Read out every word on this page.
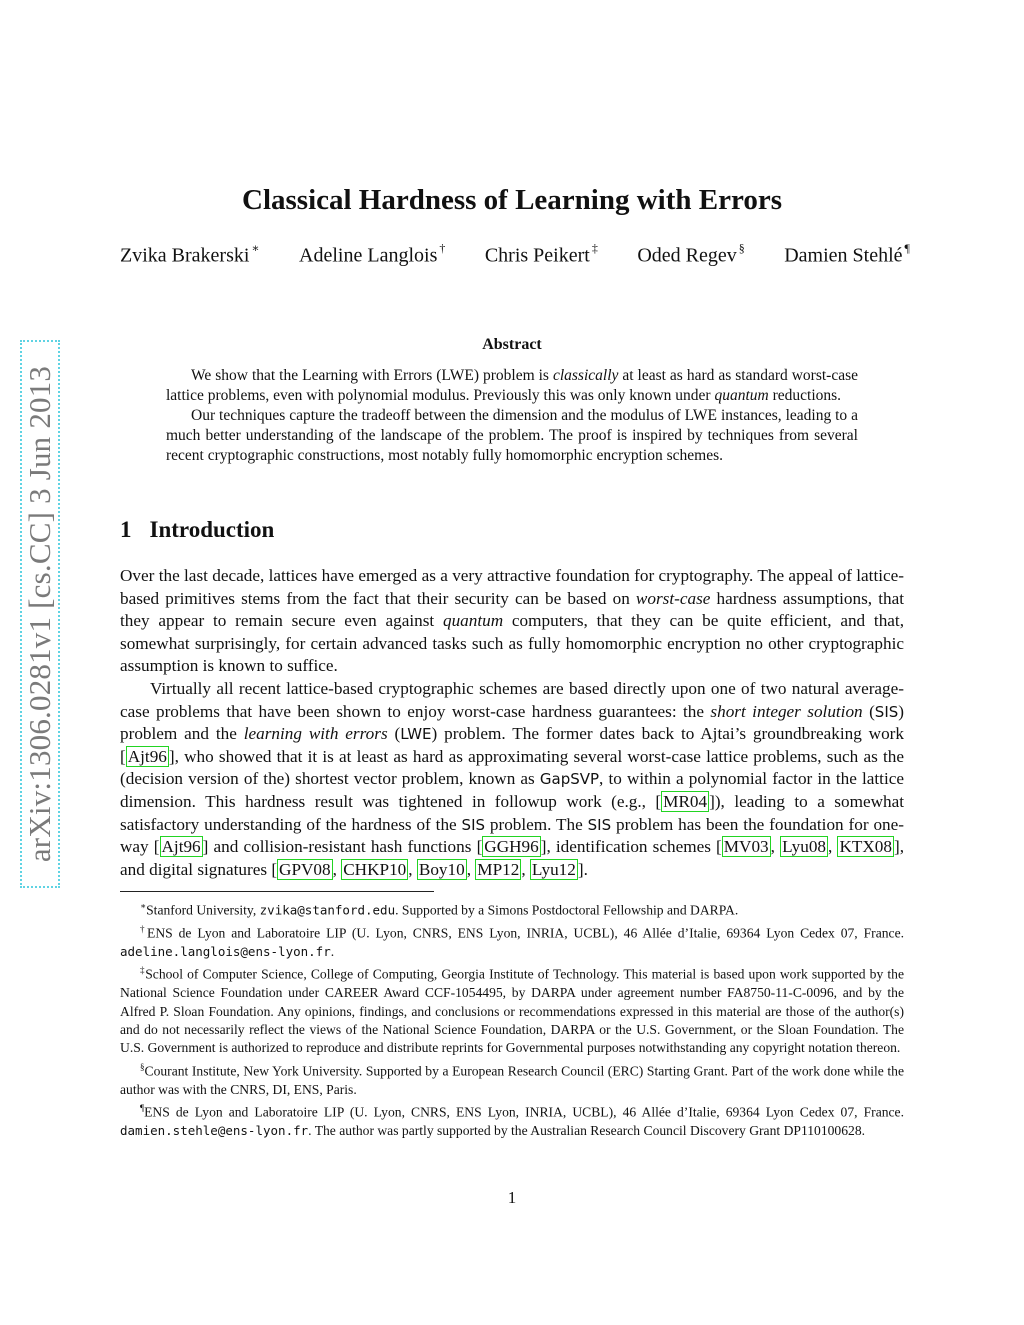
arXiv:1306.0281v1 [cs.CC] 3 Jun 2013
Classical Hardness of Learning with Errors
Zvika Brakerski ∗ Adeline Langlois † Chris Peikert ‡ Oded Regev § Damien Stehlé ¶
Abstract

We show that the Learning with Errors (LWE) problem is classically at least as hard as standard worst-case lattice problems, even with polynomial modulus. Previously this was only known under quantum reductions.

Our techniques capture the tradeoff between the dimension and the modulus of LWE instances, leading to a much better understanding of the landscape of the problem. The proof is inspired by techniques from several recent cryptographic constructions, most notably fully homomorphic encryption schemes.

1 Introduction

Over the last decade, lattices have emerged as a very attractive foundation for cryptography. The appeal of lattice-based primitives stems from the fact that their security can be based on worst-case hardness assumptions, that they appear to remain secure even against quantum computers, that they can be quite efficient, and that, somewhat surprisingly, for certain advanced tasks such as fully homomorphic encryption no other cryptographic assumption is known to suffice.

Virtually all recent lattice-based cryptographic schemes are based directly upon one of two natural average-case problems that have been shown to enjoy worst-case hardness guarantees: the short integer solution (SIS) problem and the learning with errors (LWE) problem. The former dates back to Ajtai’s groundbreaking work [ Ajt96 ], who showed that it is at least as hard as approximating several worst-case lattice problems, such as the (decision version of the) shortest vector problem, known as GapSVP, to within a polynomial factor in the lattice dimension. This hardness result was tightened in followup work (e.g., [ MR04 ]), leading to a somewhat satisfactory understanding of the hardness of the SIS problem. The SIS problem has been the foundation for one-way [ Ajt96 ] and collision-resistant hash functions [ GGH96 ], identification schemes [ MV03 , Lyu08 , KTX08 ], and digital signatures [ GPV08 , CHKP10 , Boy10 , MP12 , Lyu12 ].

∗Stanford University, zvika@stanford.edu. Supported by a Simons Postdoctoral Fellowship and DARPA.

†ENS de Lyon and Laboratoire LIP (U. Lyon, CNRS, ENS Lyon, INRIA, UCBL), 46 Allée d’Italie, 69364 Lyon Cedex 07, France. adeline.langlois@ens-lyon.fr.

‡School of Computer Science, College of Computing, Georgia Institute of Technology. This material is based upon work supported by the National Science Foundation under CAREER Award CCF-1054495, by DARPA under agreement number FA8750-11-C-0096, and by the Alfred P. Sloan Foundation. Any opinions, findings, and conclusions or recommendations expressed in this material are those of the author(s) and do not necessarily reflect the views of the National Science Foundation, DARPA or the U.S. Government, or the Sloan Foundation. The U.S. Government is authorized to reproduce and distribute reprints for Governmental purposes notwithstanding any copyright notation thereon.

§Courant Institute, New York University. Supported by a European Research Council (ERC) Starting Grant. Part of the work done while the author was with the CNRS, DI, ENS, Paris.

¶ENS de Lyon and Laboratoire LIP (U. Lyon, CNRS, ENS Lyon, INRIA, UCBL), 46 Allée d’Italie, 69364 Lyon Cedex 07, France. damien.stehle@ens-lyon.fr. The author was partly supported by the Australian Research Council Discovery Grant DP110100628.

1
